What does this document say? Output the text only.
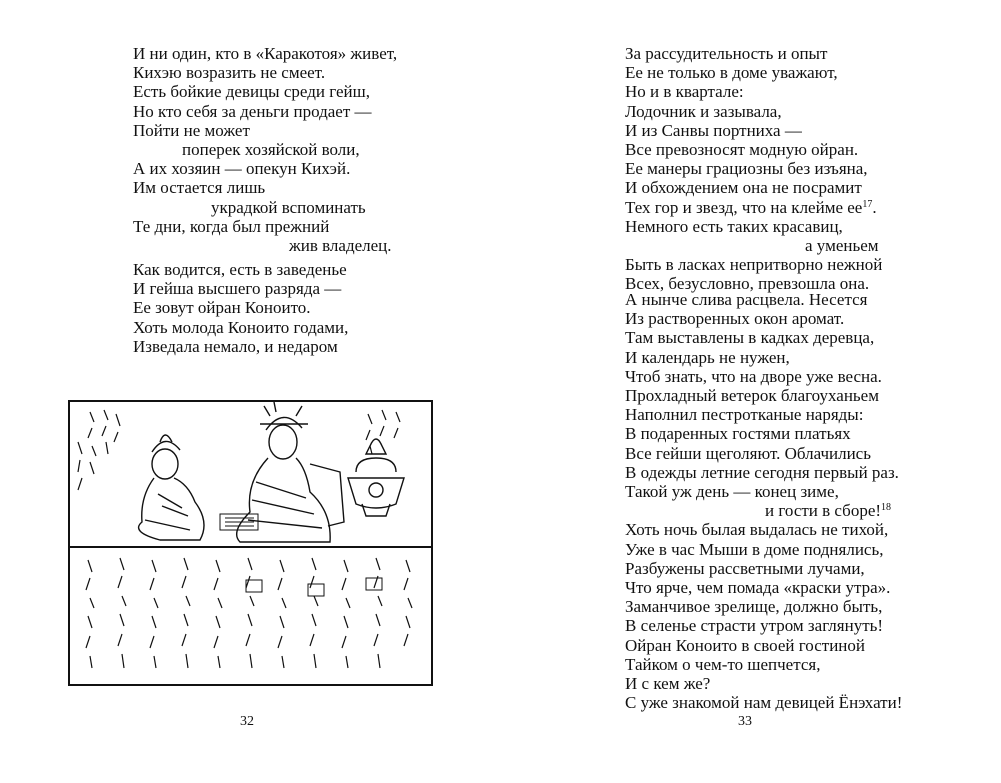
И ни один, кто в «Каракотоя» живет,
Кихэю возразить не смеет.
Есть бойкие девицы среди гейш,
Но кто себя за деньги продает —
Пойти не может
поперек хозяйской воли,
А их хозяин — опекун Кихэй.
Им остается лишь
украдкой вспоминать
Те дни, когда был прежний
жив владелец.
Как водится, есть в заведенье
И гейша высшего разряда —
Ее зовут ойран Коноито.
Хоть молода Коноито годами,
Изведала немало, и недаром
32
За рассудительность и опыт
Ее не только в доме уважают,
Но и в квартале:
Лодочник и зазывала,
И из Санвы портниха —
Все превозносят модную ойран.
Ее манеры грациозны без изъяна,
И обхождением она не посрамит
Тех гор и звезд, что на клейме $ее^{17}$.
Немного есть таких красавиц,
а уменьем
Быть в ласках непритворно нежной
Всех, безусловно, превзошла она.
А нынче слива расцвела. Несется
Из растворенных окон аромат.
Там выставлены в кадках деревца,
И календарь не нужен,
Чтоб знать, что на дворе уже весна.
Прохладный ветерок благоуханьем
Наполнил пестротканые наряды:
В подаренных гостями платьях
Все гейши щеголяют. Облачились
В одежды летние сегодня первый раз.
Такой уж день — конец зиме,
и гости в сборе!$^{18}$
Хоть ночь былая выдалась не тихой,
Уже в час Мыши в доме поднялись,
Разбужены рассветными лучами,
Что ярче, чем помада «краски утра».
Заманчивое зрелище, должно быть,
В селенье страсти утром заглянуть!
Ойран Коноито в своей гостиной
Тайком о чем-то шепчется,
И с кем же?
С уже знакомой нам девицей Ёнэхати!
33
